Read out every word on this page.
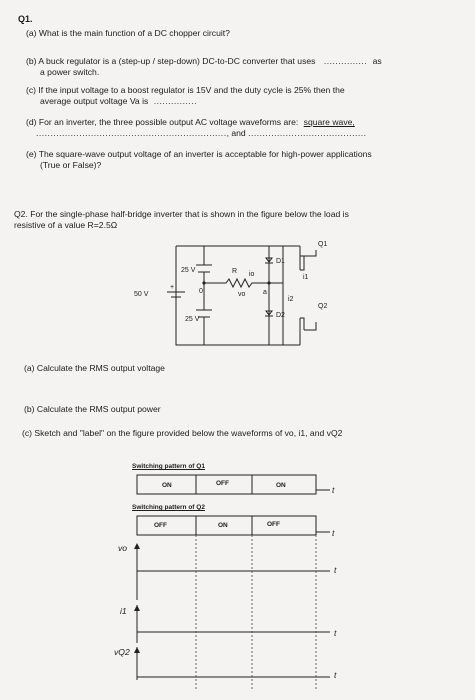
Q1.
(a) What is the main function of a DC chopper circuit?
(b) A buck regulator is a (step-up / step-down) DC-to-DC converter that uses ............... as
a power switch.
(c) If the input voltage to a boost regulator is 15V and the duty cycle is 25% then the
average output voltage Va is ...............
(d) For an inverter, the three possible output AC voltage waveforms are: square wave,
.................................................................., and .........................................
(e) The square-wave output voltage of an inverter is acceptable for high-power applications
(True or False)?
Q2. For the single-phase half-bridge inverter that is shown in the figure below the load is
resistive of a value R=2.5Ω
50 V
+
25 V
25 V
0
R io
vo	a
D1
D2
Q1
Q2
i1
i2
(a) Calculate the RMS output voltage
(b) Calculate the RMS output power
(c) Sketch and "label" on the figure provided below the waveforms of vo, i1, and vQ2
Switching pattern of Q1
ON	OFF	ON	t
Switching pattern of Q2
OFF	ON	OFF
t
vo
t
i1
t
vQ2
t
